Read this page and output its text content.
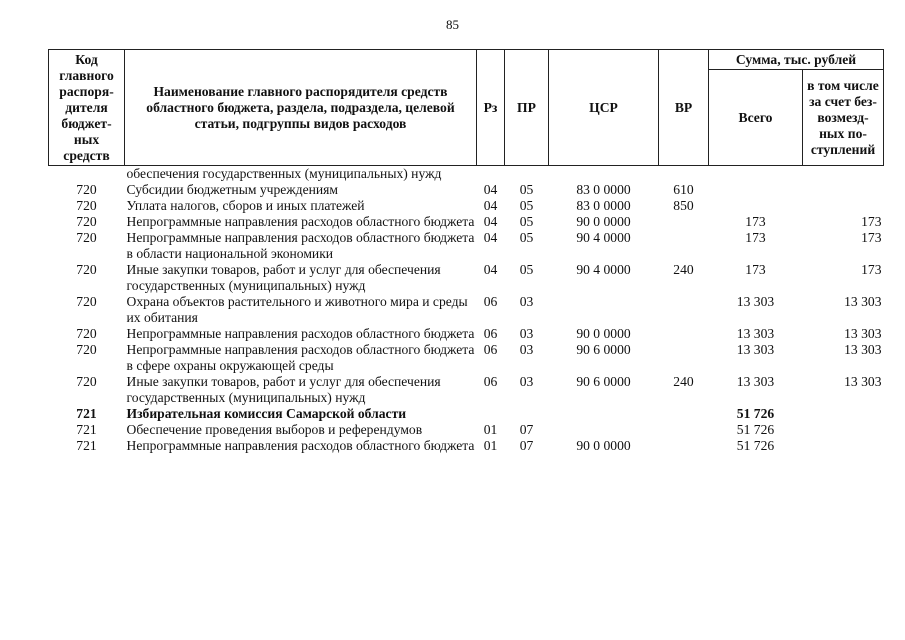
85
Код главного распоря-дителя бюджет-ных средств	Наименование главного распорядителя средств областного бюджета, раздела, подраздела, целевой статьи, подгруппы видов расходов	Рз	ПР	ЦСР	ВР	Сумма, тыс. рублей	
						Всего	в том числе за счет без-возмезд-ных по-ступлений
	обеспечения государственных (муниципальных) нужд						
720	Субсидии бюджетным учреждениям	04	05	83 0 0000	610		
720	Уплата налогов, сборов и иных платежей	04	05	83 0 0000	850		
720	Непрограммные направления расходов областного бюджета	04	05	90 0 0000		173	173
720	Непрограммные направления расходов областного бюджета в области национальной экономики	04	05	90 4 0000		173	173
720	Иные закупки товаров, работ и услуг для обеспечения государственных (муниципальных) нужд	04	05	90 4 0000	240	173	173
720	Охрана объектов растительного и животного мира и среды их обитания	06	03			13 303	13 303
720	Непрограммные направления расходов областного бюджета	06	03	90 0 0000		13 303	13 303
720	Непрограммные направления расходов областного бюджета в сфере охраны окружающей среды	06	03	90 6 0000		13 303	13 303
720	Иные закупки товаров, работ и услуг для обеспечения государственных (муниципальных) нужд	06	03	90 6 0000	240	13 303	13 303
721	Избирательная комиссия Самарской области					51 726	
721	Обеспечение проведения выборов и референдумов	01	07			51 726	
721	Непрограммные направления расходов областного бюджета	01	07	90 0 0000		51 726	
